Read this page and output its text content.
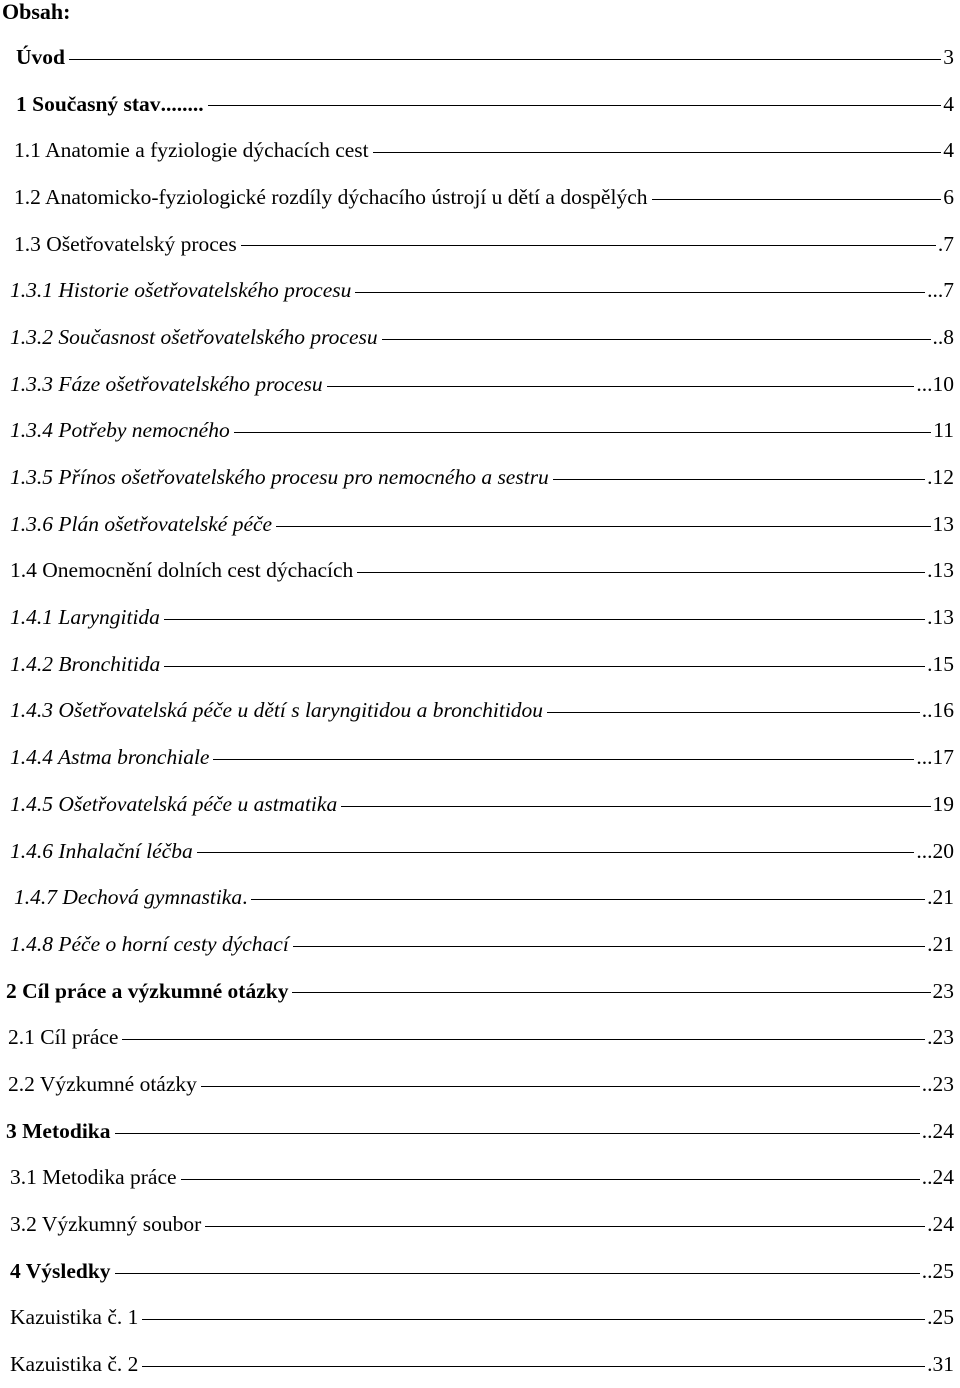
Obsah:
Úvod	3
1 Současný stav ........	4
1.1 Anatomie a fyziologie dýchacích cest	4
1.2 Anatomicko-fyziologické rozdíly dýchacího ústrojí u dětí a dospělých	6
1.3 Ošetřovatelský proces	.7
1.3.1 Historie ošetřovatelského procesu	...7
1.3.2 Současnost ošetřovatelského procesu	..8
1.3.3 Fáze ošetřovatelského procesu	...10
1.3.4 Potřeby nemocného	11
1.3.5 Přínos ošetřovatelského procesu pro nemocného a sestru	.12
1.3.6 Plán ošetřovatelské péče	13
1.4 Onemocnění dolních cest dýchacích	.13
1.4.1 Laryngitida	.13
1.4.2 Bronchitida	.15
1.4.3 Ošetřovatelská péče u dětí s laryngitidou a bronchitidou	..16
1.4.4 Astma bronchiale	...17
1.4.5 Ošetřovatelská péče u astmatika	19
1.4.6 Inhalační léčba	...20
1.4.7 Dechová gymnastika .	.21
1.4.8 Péče o horní cesty dýchací	.21
2 Cíl práce a výzkumné otázky	23
2.1 Cíl práce	.23
2.2 Výzkumné otázky	..23
3 Metodika	..24
3.1 Metodika práce	..24
3.2 Výzkumný soubor	.24
4 Výsledky	..25
Kazuistika č. 1	.25
Kazuistika č. 2	.31
